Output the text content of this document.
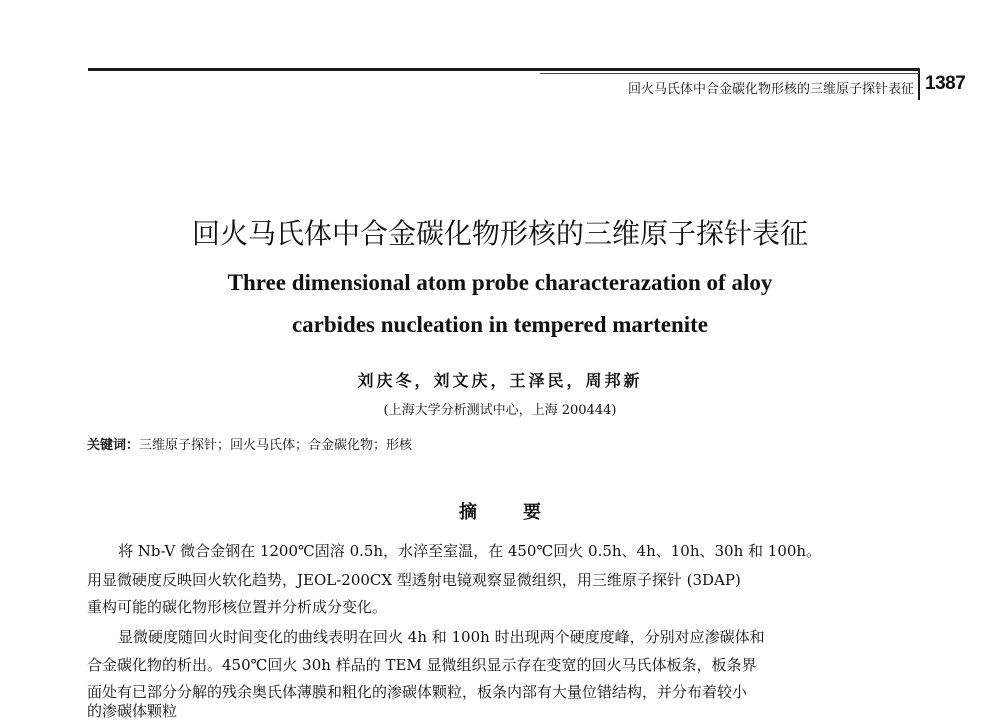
回火马氏体中合金碳化物形核的三维原子探针表征 1387
回火马氏体中合金碳化物形核的三维原子探针表征
Three dimensional atom probe characterazation of aloy
carbides nucleation in tempered martenite
刘庆冬，刘文庆，王泽民，周邦新
(上海大学分析测试中心，上海 200444)
关键词：三维原子探针；回火马氏体；合金碳化物；形核
摘要
将 Nb-V 微合金钢在 1200℃固溶 0.5h，水淬至室温，在 450℃回火 0.5h、4h、10h、30h 和 100h。
用显微硬度反映回火软化趋势，JEOL-200CX 型透射电镜观察显微组织，用三维原子探针 (3DAP)
重构可能的碳化物形核位置并分析成分变化。
显微硬度随回火时间变化的曲线表明在回火 4h 和 100h 时出现两个硬度度峰，分别对应渗碳体和
合金碳化物的析出。450℃回火 30h 样品的 TEM 显微组织显示存在变宽的回火马氏体板条，板条界
面处有已部分分解的残余奥氏体薄膜和粗化的渗碳体颗粒，板条内部有大量位错结构，并分布着较小
的渗碳体颗粒
